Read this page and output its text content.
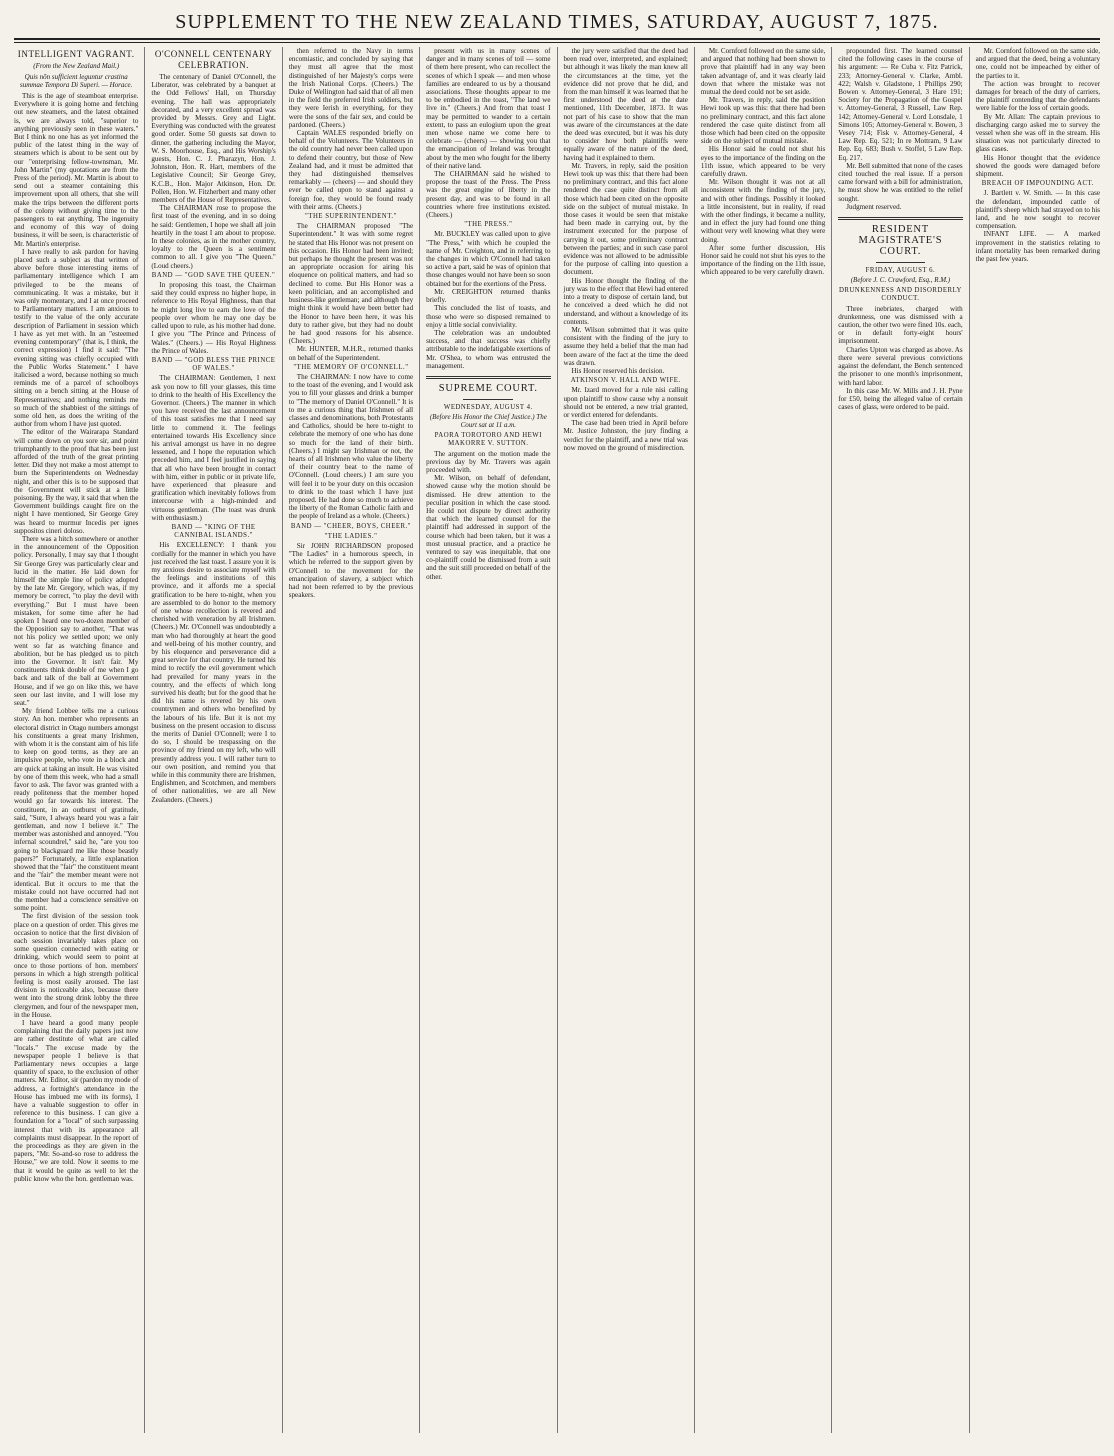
SUPPLEMENT TO THE NEW ZEALAND TIMES, SATURDAY, AUGUST 7, 1875.
INTELLIGENT VAGRANT.
(From the New Zealand Mail.)
Quis nōn sufficient leguntur crastina summae Tempora Di Superi. — Horace.

This is the age of steamboat enterprise. Everywhere it is going home and fetching out new steamers, and the latest obtained is, we are always told, "superior to anything previously seen in these waters." But I think no one has as yet informed the public of the latest thing in the way of steamers which is about to be sent out by our "enterprising fellow-townsman, Mr. John Martin" (my quotations are from the Press of the period). Mr. Martin is about to send out a steamer containing this improvement upon all others, that she will make the trips between the different ports of the colony without giving time to the passengers to eat anything. The ingenuity and economy of this way of doing business, it will be seen, is characteristic of Mr. Martin's enterprise.

I have really to ask pardon for having placed such a subject as that written of above before those interesting items of parliamentary intelligence which I am privileged to be the means of communicating. It was a mistake, but it was only momentary, and I at once proceed to Parliamentary matters. I am anxious to testify to the value of the only accurate description of Parliament in session which I have as yet met with. In an "esteemed evening contemporary" (that is, I think, the correct expression) I find it said: "The evening sitting was chiefly occupied with the Public Works Statement." I have italicised a word, because nothing so much reminds me of a parcel of schoolboys sitting on a bench sitting at the House of Representatives; and nothing reminds me so much of the shabbiest of the sittings of some old hen, as does the writing of the author from whom I have just quoted.

The editor of the Wairarapa Standard will come down on you sore sir, and point triumphantly to the proof that has been just afforded of the truth of the great printing letter. Did they not make a most attempt to burn the Superintendents on Wednesday night, and other this is to be supposed that the Government will stick at a little poisoning. By the way, it said that when the Government buildings caught fire on the night I have mentioned, Sir George Grey was heard to murmur Incedis per ignes suppositos cineri doloso.

There was a hitch somewhere or another in the announcement of the Opposition policy. Personally, I may say that I thought Sir George Grey was particularly clear and lucid in the matter. He laid down for himself the simple line of policy adopted by the late Mr. Gregory, which was, if my memory be correct, "to play the devil with everything." But I must have been mistaken, for some time after he had spoken I heard one two-dozen member of the Opposition say to another, "That was not his policy we settled upon; we only went so far as watching finance and abolition, but he has pledged us to pitch into the Governor. It isn't fair. My constituents think double of me when I go back and talk of the ball at Government House, and if we go on like this, we have seen our last invite, and I will lose my seat."

My friend Lobbee tells me a curious story. An hon. member who represents an electoral district in Otago numbers amongst his constituents a great many Irishmen, with whom it is the constant aim of his life to keep on good terms, as they are an impulsive people, who vote in a block and are quick at taking an insult. He was visited by one of them this week, who had a small favor to ask. The favor was granted with a ready politeness that the member hoped would go far towards his interest. The constituent, in an outburst of gratitude, said, "Sure, I always heard you was a fair gentleman, and now I believe it." The member was astonished and annoyed. "You infernal scoundrel," said he, "are you too going to blackguard me like those beastly papers?" Fortunately, a little explanation showed that the "fair" the constituent meant and the "fair" the member meant were not identical. But it occurs to me that the mistake could not have occurred had not the member had a conscience sensitive on some point.

The first division of the session took place on a question of order. This gives me occasion to notice that the first division of each session invariably takes place on some question connected with eating or drinking, which would seem to point at once to those portions of hon. members' persons in which a high strength political feeling is most easily aroused. The last division is noticeable also, because there went into the strong drink lobby the three clergymen, and four of the newspaper men, in the House.

I have heard a good many people complaining that the daily papers just now are rather destitute of what are called "locals." The excuse made by the newspaper people I believe is that Parliamentary news occupies a large quantity of space, to the exclusion of other matters. Mr. Editor, sir (pardon my mode of address, a fortnight's attendance in the House has imbued me with its forms), I have a valuable suggestion to offer in reference to this business. I can give a foundation for a "local" of such surpassing interest that with its appearance all complaints must disappear. In the report of the proceedings as they are given in the papers, "Mr. So-and-so rose to address the House," we are told. Now it seems to me that it would be quite as well to let the public know who the hon. gentleman was.

O'CONNELL CENTENARY CELEBRATION.

The centenary of Daniel O'Connell, the Liberator, was celebrated by a banquet at the Odd Fellows' Hall, on Thursday evening. The hall was appropriately decorated, and a very excellent spread was provided by Messrs. Grey and Light. Everything was conducted with the greatest good order. Some 50 guests sat down to dinner, the gathering including the Mayor, W. S. Moorhouse, Esq., and His Worship's guests, Hon. C. J. Pharazyn, Hon. J. Johnston, Hon. R. Hart, members of the Legislative Council; Sir George Grey, K.C.B., Hon. Major Atkinson, Hon. Dr. Pollen, Hon. W. Fitzherbert and many other members of the House of Representatives.

The CHAIRMAN rose to propose the first toast of the evening, and in so doing he said: Gentlemen, I hope we shall all join heartily in the toast I am about to propose. In these colonies, as in the mother country, loyalty to the Queen is a sentiment common to all. I give you "The Queen." (Loud cheers.)

BAND — "GOD SAVE THE QUEEN."

In proposing this toast, the Chairman said they could express no higher hope, in reference to His Royal Highness, than that he might long live to earn the love of the people over whom he may one day be called upon to rule, as his mother had done. I give you "The Prince and Princess of Wales." (Cheers.) — His Royal Highness the Prince of Wales.

BAND — "GOD BLESS THE PRINCE OF WALES."

The CHAIRMAN: Gentlemen, I next ask you now to fill your glasses, this time to drink to the health of His Excellency the Governor. (Cheers.) The manner in which you have received the last announcement of this toast satisfies me that I need say little to commend it. The feelings entertained towards His Excellency since his arrival amongst us have in no degree lessened, and I hope the reputation which preceded him, and I feel justified in saying that all who have been brought in contact with him, either in public or in private life, have experienced that pleasure and gratification which inevitably follows from intercourse with a high-minded and virtuous gentleman. (The toast was drunk with enthusiasm.)

BAND — "KING OF THE CANNIBAL ISLANDS."

His EXCELLENCY: I thank you cordially for the manner in which you have just received the last toast. I assure you it is my anxious desire to associate myself with the feelings and institutions of this province, and it affords me a special gratification to be here to-night, when you are assembled to do honor to the memory of one whose recollection is revered and cherished with veneration by all Irishmen. (Cheers.) Mr. O'Connell was undoubtedly a man who had thoroughly at heart the good and well-being of his mother country, and by his eloquence and perseverance did a great service for that country. He turned his mind to rectify the evil government which had prevailed for many years in the country, and the effects of which long survived his death; but for the good that he did his name is revered by his own countrymen and others who benefited by the labours of his life. But it is not my business on the present occasion to discuss the merits of Daniel O'Connell; were I to do so, I should be trespassing on the province of my friend on my left, who will presently address you. I will rather turn to our own position, and remind you that while in this community there are Irishmen, Englishmen, and Scotchmen, and members of other nationalities, we are all New Zealanders. (Cheers.)

then referred to the Navy in terms encomiastic, and concluded by saying that they must all agree that the most distinguished of her Majesty's corps were the Irish National Corps. (Cheers.) The Duke of Wellington had said that of all men in the field the preferred Irish soldiers, but they were Ierish in everything, for they were the sons of the fair sex, and could be pardoned. (Cheers.)

Captain WALES responded briefly on behalf of the Volunteers. The Volunteers in the old country had never been called upon to defend their country, but those of New Zealand had, and it must be admitted that they had distinguished themselves remarkably — (cheers) — and should they ever be called upon to stand against a foreign foe, they would be found ready with their arms. (Cheers.)

"THE SUPERINTENDENT."

The CHAIRMAN proposed "The Superintendent." It was with some regret he stated that His Honor was not present on this occasion. His Honor had been invited; but perhaps he thought the present was not an appropriate occasion for airing his eloquence on political matters, and had so declined to come. But His Honor was a keen politician, and an accomplished and business-like gentleman; and although they might think it would have been better had the Honor to have been here, it was his duty to rather give, but they had no doubt he had good reasons for his absence. (Cheers.)

Mr. HUNTER, M.H.R., returned thanks on behalf of the Superintendent.

"THE MEMORY OF O'CONNELL."

The CHAIRMAN: I now have to come to the toast of the evening, and I would ask you to fill your glasses and drink a bumper to "The memory of Daniel O'Connell." It is to me a curious thing that Irishmen of all classes and denominations, both Protestants and Catholics, should be here to-night to celebrate the memory of one who has done so much for the land of their birth. (Cheers.) I might say Irishman or not, the hearts of all Irishmen who value the liberty of their country beat to the name of O'Connell. (Loud cheers.) I am sure you will feel it to be your duty on this occasion to drink to the toast which I have just proposed. He had done so much to achieve the liberty of the Roman Catholic faith and the people of Ireland as a whole. (Cheers.)

BAND — "CHEER, BOYS, CHEER."
"THE LADIES."

Sir JOHN RICHARDSON proposed "The Ladies" in a humorous speech, in which he referred to the support given by O'Connell to the movement for the emancipation of slavery, a subject which had not been referred to by the previous speakers.

present with us in many scenes of danger and in many scenes of toil — some of them here present, who can recollect the scenes of which I speak — and men whose families are endeared to us by a thousand associations. These thoughts appear to me to be embodied in the toast, "The land we live in." (Cheers.) And from that toast I may be permitted to wander to a certain extent, to pass an eulogium upon the great men whose name we come here to celebrate — (cheers) — showing you that the emancipation of Ireland was brought about by the men who fought for the liberty of their native land.

The CHAIRMAN said he wished to propose the toast of the Press. The Press was the great engine of liberty in the present day, and was to be found in all countries where free institutions existed. (Cheers.)

"THE PRESS."

Mr. BUCKLEY was called upon to give "The Press," with which he coupled the name of Mr. Creighton, and in referring to the changes in which O'Connell had taken so active a part, said he was of opinion that those changes would not have been so soon obtained but for the exertions of the Press.

Mr. CREIGHTON returned thanks briefly.

This concluded the list of toasts, and those who were so disposed remained to enjoy a little social conviviality.

The celebration was an undoubted success, and that success was chiefly attributable to the indefatigable exertions of Mr. O'Shea, to whom was entrusted the management.

SUPREME COURT.
WEDNESDAY, AUGUST 4.
(Before His Honor the Chief Justice.) The Court sat at 11 a.m.
PAORA TOROTORO AND HEWI MAKORRE V. SUTTON.

The argument on the motion made the previous day by Mr. Travers was again proceeded with.

Mr. Wilson, on behalf of defendant, showed cause why the motion should be dismissed. He drew attention to the peculiar position in which the case stood. He could not dispute by direct authority that which the learned counsel for the plaintiff had addressed in support of the course which had been taken, but it was a most unusual practice, and a practice he ventured to say was inequitable, that one co-plaintiff could be dismissed from a suit and the suit still proceeded on behalf of the other.

the jury were satisfied that the deed had been read over, interpreted, and explained; but although it was likely the man knew all the circumstances at the time, yet the evidence did not prove that he did, and from the man himself it was learned that he first understood the deed at the date mentioned, 11th December, 1873. It was not part of his case to show that the man was aware of the circumstances at the date the deed was executed, but it was his duty to consider how both plaintiffs were equally aware of the nature of the deed, having had it explained to them.

Mr. Travers, in reply, said the position Hewi took up was this: that there had been no preliminary contract, and this fact alone rendered the case quite distinct from all those which had been cited on the opposite side on the subject of mutual mistake. In those cases it would be seen that mistake had been made in carrying out, by the instrument executed for the purpose of carrying it out, some preliminary contract between the parties; and in such case parol evidence was not allowed to be admissible for the purpose of calling into question a document.

His Honor thought the finding of the jury was to the effect that Hewi had entered into a treaty to dispose of certain land, but he conceived a deed which he did not understand, and without a knowledge of its contents.

Mr. Wilson submitted that it was quite consistent with the finding of the jury to assume they held a belief that the man had been aware of the fact at the time the deed was drawn.

His Honor reserved his decision.

ATKINSON V. HALL AND WIFE.

Mr. Izard moved for a rule nisi calling upon plaintiff to show cause why a nonsuit should not be entered, a new trial granted, or verdict entered for defendants.

The case had been tried in April before Mr. Justice Johnston, the jury finding a verdict for the plaintiff, and a new trial was now moved on the ground of misdirection.

Mr. Cornford followed on the same side, and argued that nothing had been shown to prove that plaintiff had in any way been taken advantage of, and it was clearly laid down that where the mistake was not mutual the deed could not be set aside.

Mr. Travers, in reply, said the position Hewi took up was this: that there had been no preliminary contract, and this fact alone rendered the case quite distinct from all those which had been cited on the opposite side on the subject of mutual mistake.

His Honor said he could not shut his eyes to the importance of the finding on the 11th issue, which appeared to be very carefully drawn.

Mr. Wilson thought it was not at all inconsistent with the finding of the jury, and with other findings. Possibly it looked a little inconsistent, but in reality, if read with the other findings, it became a nullity, and in effect the jury had found one thing without very well knowing what they were doing.

After some further discussion, His Honor said he could not shut his eyes to the importance of the finding on the 11th issue, which appeared to be very carefully drawn.

propounded first. The learned counsel cited the following cases in the course of his argument: — Re Cuba v. Fitz Patrick, 233; Attorney-General v. Clarke, Ambl. 422; Walsh v. Gladstone, 1 Phillips 290; Bowen v. Attorney-General, 3 Hare 191; Society for the Propagation of the Gospel v. Attorney-General, 3 Russell, Law Rep. 142; Attorney-General v. Lord Lonsdale, 1 Simons 105; Attorney-General v. Bowen, 3 Vesey 714; Fisk v. Attorney-General, 4 Law Rep. Eq. 521; In re Mottram, 9 Law Rep. Eq. 683; Bush v. Stoffel, 5 Law Rep. Eq. 217.

Mr. Bell submitted that none of the cases cited touched the real issue. If a person came forward with a bill for administration, he must show he was entitled to the relief sought.

Judgment reserved.

RESIDENT MAGISTRATE'S COURT.
FRIDAY, AUGUST 6.
(Before J. C. Crawford, Esq., R.M.)
DRUNKENNESS AND DISORDERLY CONDUCT.

Three inebriates, charged with drunkenness, one was dismissed with a caution, the other two were fined 10s. each, or in default forty-eight hours' imprisonment.

Charles Upton was charged as above. As there were several previous convictions against the defendant, the Bench sentenced the prisoner to one month's imprisonment, with hard labor.

In this case Mr. W. Mills and J. H. Pyne for £50, being the alleged value of certain cases of glass, were ordered to be paid.

Mr. Cornford followed on the same side, and argued that the deed, being a voluntary one, could not be impeached by either of the parties to it.

The action was brought to recover damages for breach of the duty of carriers, the plaintiff contending that the defendants were liable for the loss of certain goods.

By Mr. Allan: The captain previous to discharging cargo asked me to survey the vessel when she was off in the stream. His situation was not particularly directed to glass cases.

His Honor thought that the evidence showed the goods were damaged before shipment.

BREACH OF IMPOUNDING ACT.

J. Bartlett v. W. Smith. — In this case the defendant, impounded cattle of plaintiff's sheep which had strayed on to his land, and he now sought to recover compensation.

INFANT LIFE. — A marked improvement in the statistics relating to infant mortality has been remarked during the past few years.
